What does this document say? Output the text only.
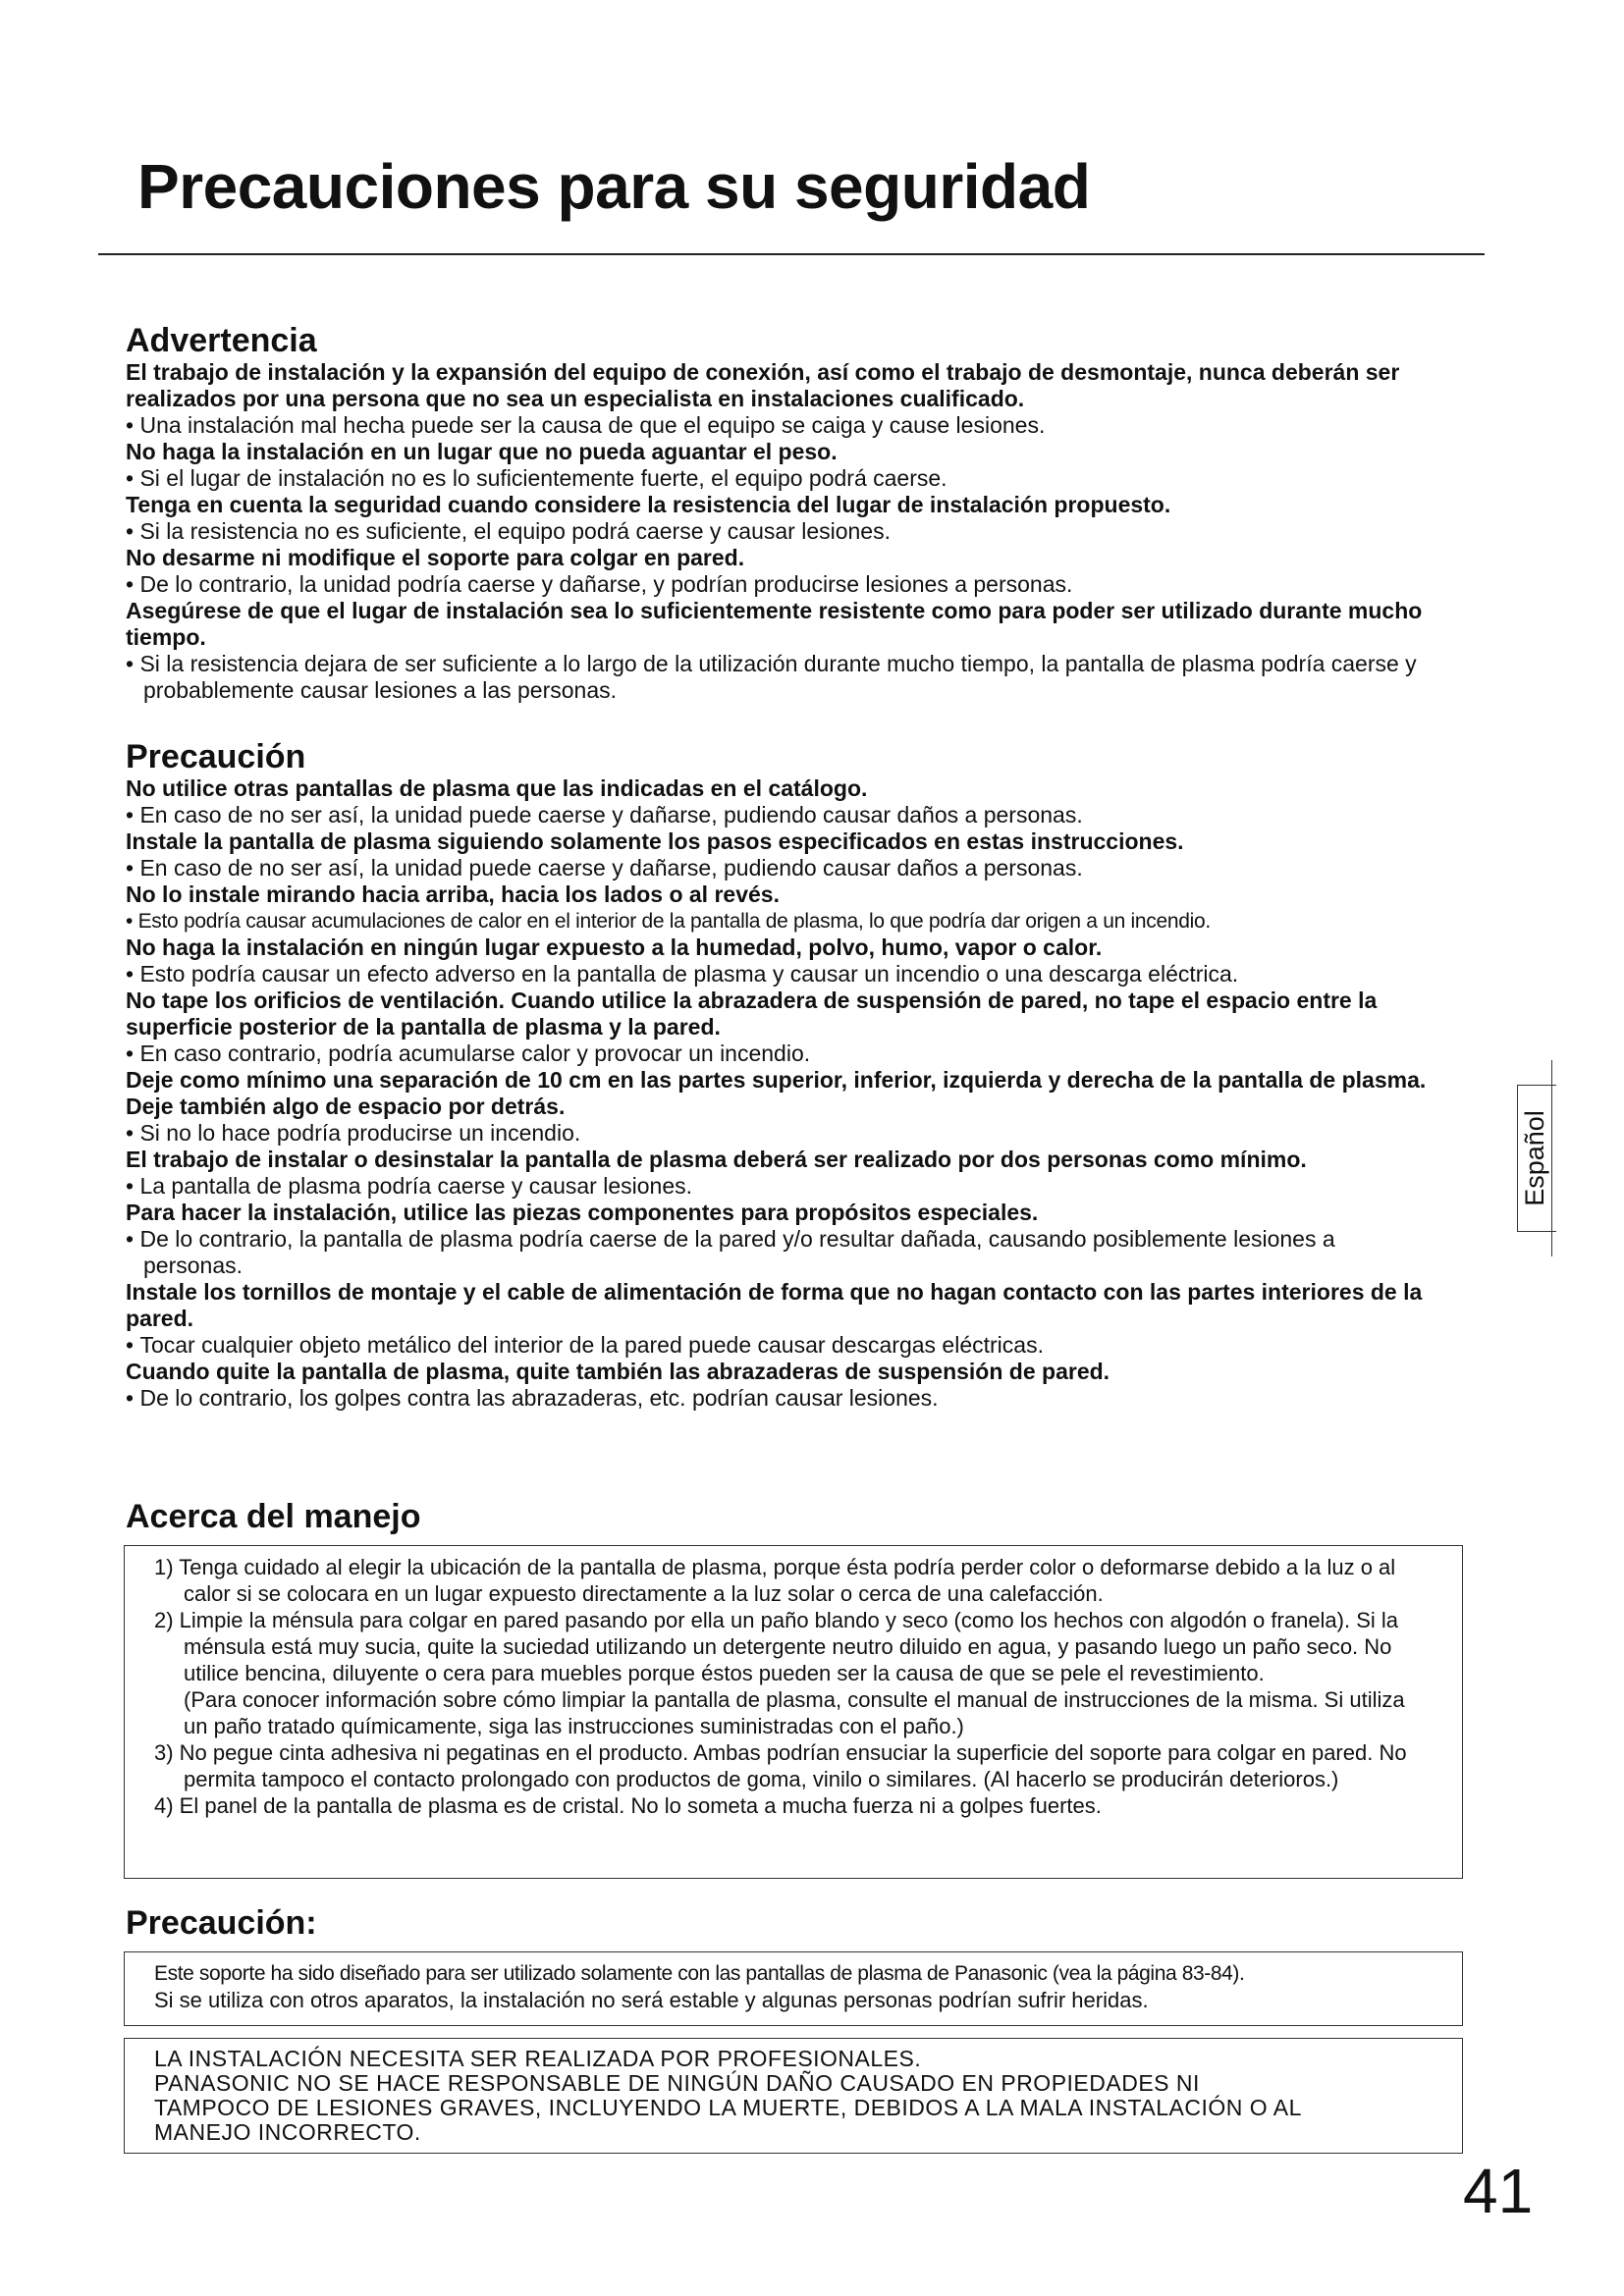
Precauciones para su seguridad
Advertencia

El trabajo de instalación y la expansión del equipo de conexión, así como el trabajo de desmontaje, nunca deberán ser realizados por una persona que no sea un especialista en instalaciones cualificado.

• Una instalación mal hecha puede ser la causa de que el equipo se caiga y cause lesiones.

No haga la instalación en un lugar que no pueda aguantar el peso.

• Si el lugar de instalación no es lo suficientemente fuerte, el equipo podrá caerse.

Tenga en cuenta la seguridad cuando considere la resistencia del lugar de instalación propuesto.

• Si la resistencia no es suficiente, el equipo podrá caerse y causar lesiones.

No desarme ni modifique el soporte para colgar en pared.

• De lo contrario, la unidad podría caerse y dañarse, y podrían producirse lesiones a personas.

Asegúrese de que el lugar de instalación sea lo suficientemente resistente como para poder ser utilizado durante mucho tiempo.

• Si la resistencia dejara de ser suficiente a lo largo de la utilización durante mucho tiempo, la pantalla de plasma podría caerse y probablemente causar lesiones a las personas.

Precaución

No utilice otras pantallas de plasma que las indicadas en el catálogo.

• En caso de no ser así, la unidad puede caerse y dañarse, pudiendo causar daños a personas.

Instale la pantalla de plasma siguiendo solamente los pasos especificados en estas instrucciones.

• En caso de no ser así, la unidad puede caerse y dañarse, pudiendo causar daños a personas.

No lo instale mirando hacia arriba, hacia los lados o al revés.

• Esto podría causar acumulaciones de calor en el interior de la pantalla de plasma, lo que podría dar origen a un incendio.

No haga la instalación en ningún lugar expuesto a la humedad, polvo, humo, vapor o calor.

• Esto podría causar un efecto adverso en la pantalla de plasma y causar un incendio o una descarga eléctrica.

No tape los orificios de ventilación. Cuando utilice la abrazadera de suspensión de pared, no tape el espacio entre la superficie posterior de la pantalla de plasma y la pared.

• En caso contrario, podría acumularse calor y provocar un incendio.

Deje como mínimo una separación de 10 cm en las partes superior, inferior, izquierda y derecha de la pantalla de plasma. Deje también algo de espacio por detrás.

• Si no lo hace podría producirse un incendio.

El trabajo de instalar o desinstalar la pantalla de plasma deberá ser realizado por dos personas como mínimo.

• La pantalla de plasma podría caerse y causar lesiones.

Para hacer la instalación, utilice las piezas componentes para propósitos especiales.

• De lo contrario, la pantalla de plasma podría caerse de la pared y/o resultar dañada, causando posiblemente lesiones a personas.

Instale los tornillos de montaje y el cable de alimentación de forma que no hagan contacto con las partes interiores de la pared.

• Tocar cualquier objeto metálico del interior de la pared puede causar descargas eléctricas.

Cuando quite la pantalla de plasma, quite también las abrazaderas de suspensión de pared.

• De lo contrario, los golpes contra las abrazaderas, etc. podrían causar lesiones.

Acerca del manejo
1) Tenga cuidado al elegir la ubicación de la pantalla de plasma, porque ésta podría perder color o deformarse debido a la luz o al calor si se colocara en un lugar expuesto directamente a la luz solar o cerca de una calefacción.
2) Limpie la ménsula para colgar en pared pasando por ella un paño blando y seco (como los hechos con algodón o franela). Si la ménsula está muy sucia, quite la suciedad utilizando un detergente neutro diluido en agua, y pasando luego un paño seco. No utilice bencina, diluyente o cera para muebles porque éstos pueden ser la causa de que se pele el revestimiento.
(Para conocer información sobre cómo limpiar la pantalla de plasma, consulte el manual de instrucciones de la misma. Si utiliza un paño tratado químicamente, siga las instrucciones suministradas con el paño.)
3) No pegue cinta adhesiva ni pegatinas en el producto. Ambas podrían ensuciar la superficie del soporte para colgar en pared. No permita tampoco el contacto prolongado con productos de goma, vinilo o similares. (Al hacerlo se producirán deterioros.)
4) El panel de la pantalla de plasma es de cristal. No lo someta a mucha fuerza ni a golpes fuertes.
Precaución:

Este soporte ha sido diseñado para ser utilizado solamente con las pantallas de plasma de Panasonic (vea la página 83-84).

Si se utiliza con otros aparatos, la instalación no será estable y algunas personas podrían sufrir heridas.

LA INSTALACIÓN NECESITA SER REALIZADA POR PROFESIONALES.

PANASONIC NO SE HACE RESPONSABLE DE NINGÚN DAÑO CAUSADO EN PROPIEDADES NI

TAMPOCO DE LESIONES GRAVES, INCLUYENDO LA MUERTE, DEBIDOS A LA MALA INSTALACIÓN O AL

MANEJO INCORRECTO.

Español
41
